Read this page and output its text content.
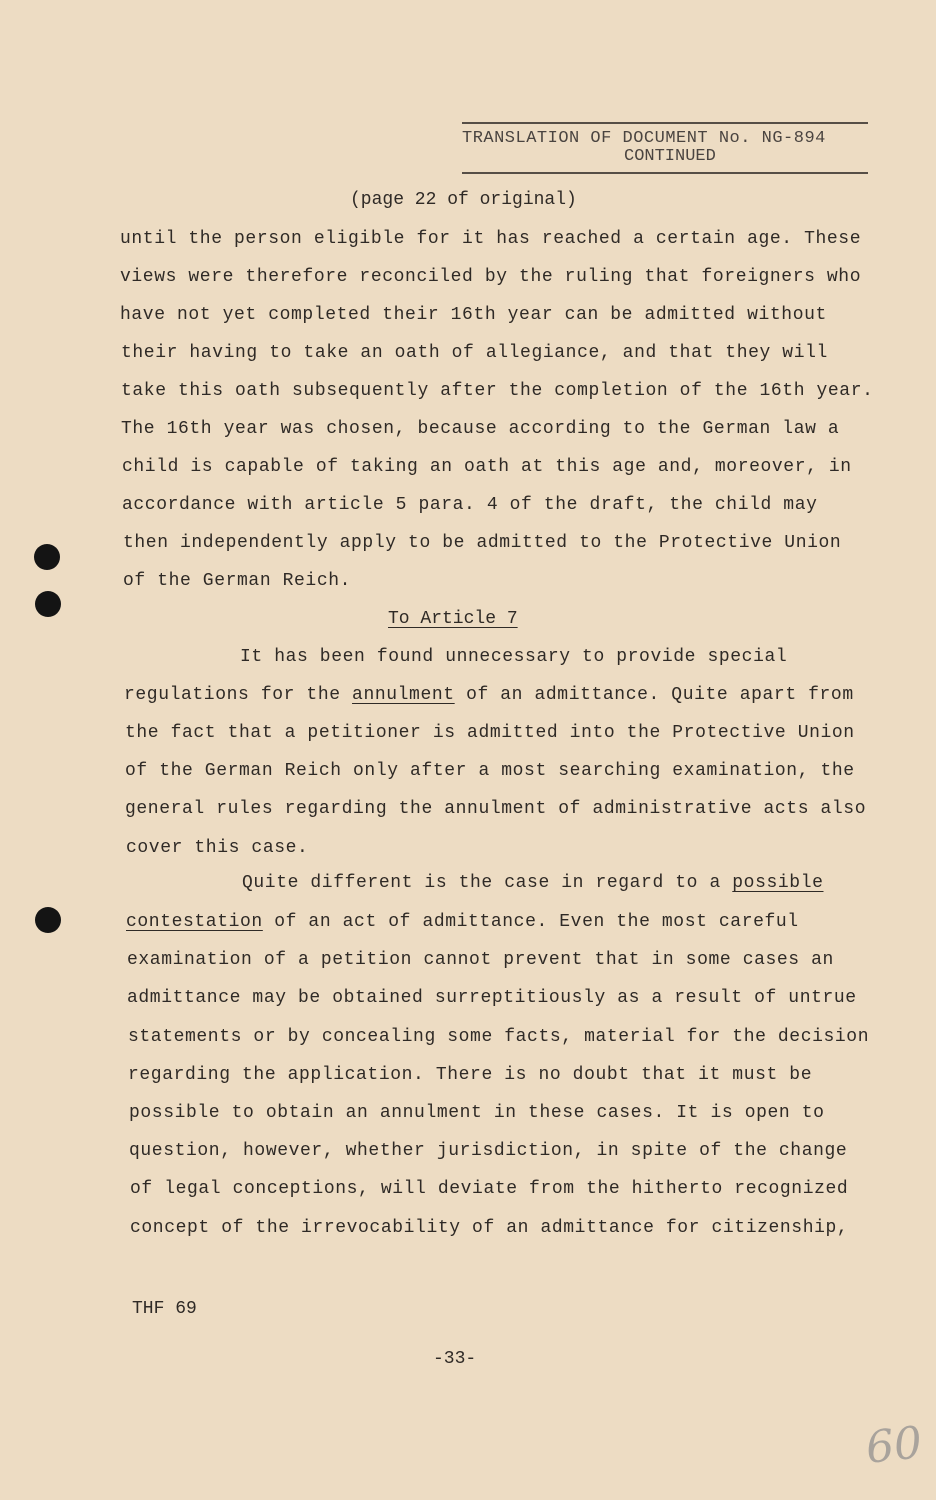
TRANSLATION OF DOCUMENT No. NG-894
CONTINUED
(page 22 of original)
until the person eligible for it has reached a certain age. These
views were therefore reconciled by the ruling that foreigners who
have not yet completed their 16th year can be admitted without
their having to take an oath of allegiance, and that they will
take this oath subsequently after the completion of the 16th year.
The 16th year was chosen, because according to the German law a
child is capable of taking an oath at this age and, moreover, in
accordance with article 5 para. 4 of the draft, the child may
then independently apply to be admitted to the Protective Union
of the German Reich.
To Article 7
It has been found unnecessary to provide special
regulations for the annulment of an admittance. Quite apart from
the fact that a petitioner is admitted into the Protective Union
of the German Reich only after a most searching examination, the
general rules regarding the annulment of administrative acts also
cover this case.
Quite different is the case in regard to a possible
contestation of an act of admittance. Even the most careful
examination of a petition cannot prevent that in some cases an
admittance may be obtained surreptitiously as a result of untrue
statements or by concealing some facts, material for the decision
regarding the application. There is no doubt that it must be
possible to obtain an annulment in these cases. It is open to
question, however, whether jurisdiction, in spite of the change
of legal conceptions, will deviate from the hitherto recognized
concept of the irrevocability of an admittance for citizenship,
THF 69
-33-
60
